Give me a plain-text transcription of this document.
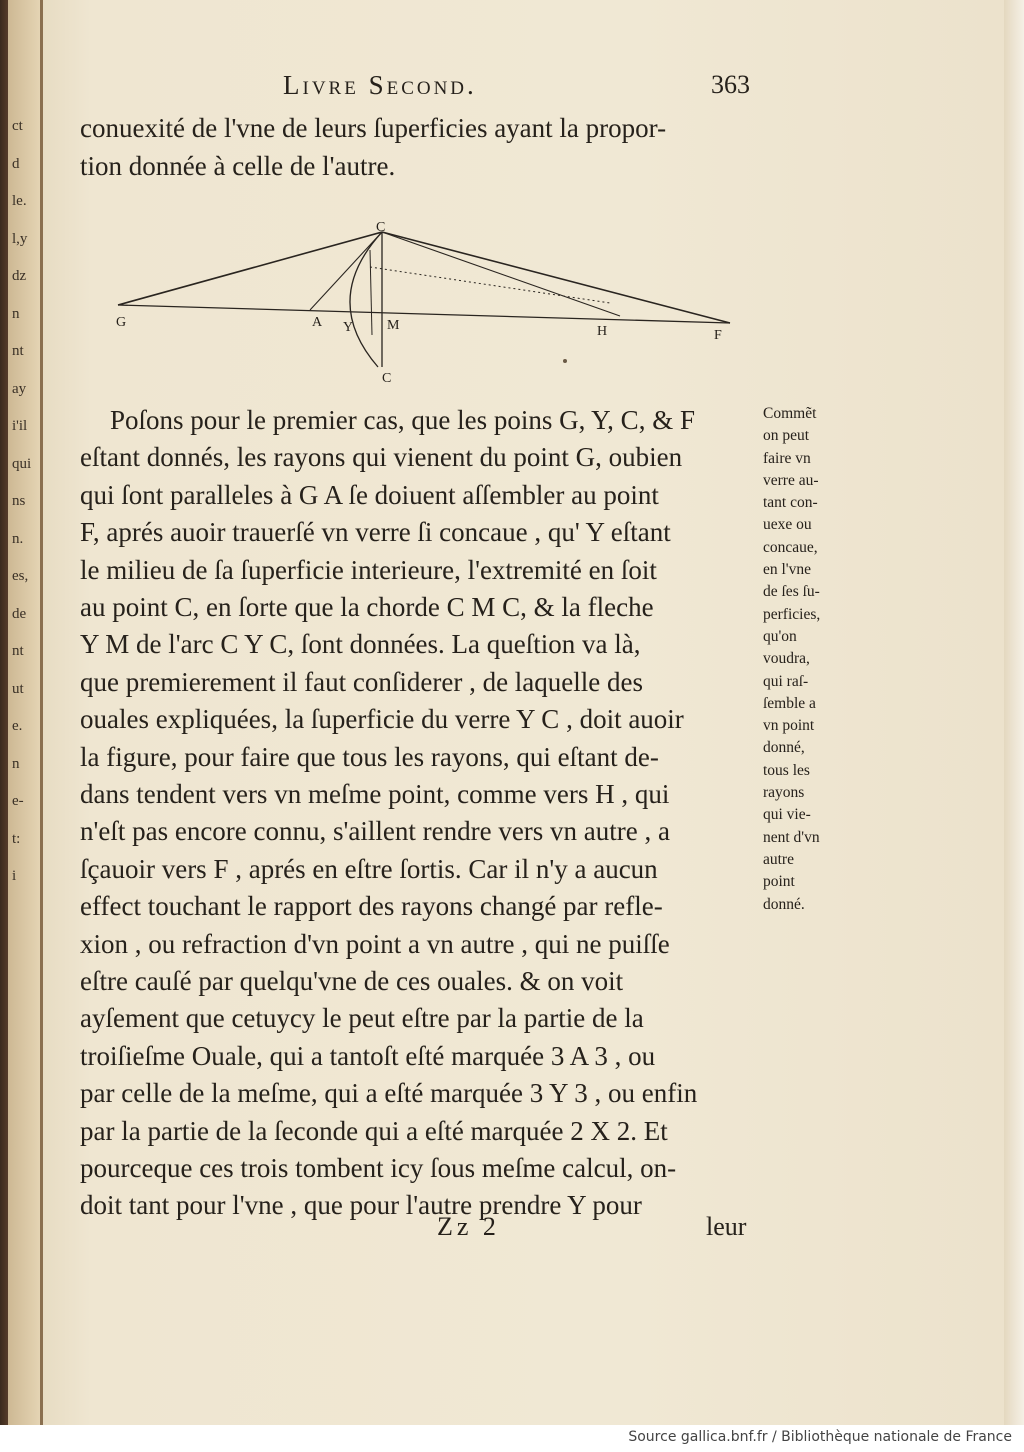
ct
d
le.
l,y
dz
n
nt
ay
i'il
qui
ns
n.
es,
de
nt
ut
e.
n
e-
t:
i
Livre Second.	363
conuexité de l'vne de leurs ſuperficies ayant la propor-
tion donnée à celle de l'autre.
C
C
G	A Y M	H	F
Poſons pour le premier cas, que les poins G, Y, C, & F
eſtant donnés, les rayons qui vienent du point G, oubien
qui ſont paralleles à G A ſe doiuent aſſembler au point
F, aprés auoir trauerſé vn verre ſi concaue , qu' Y eſtant
le milieu de ſa ſuperficie interieure, l'extremité en ſoit
au point C, en ſorte que la chorde C M C, & la fleche
Y M de l'arc C Y C, ſont données. La queſtion va là,
que premierement il faut conſiderer , de laquelle des
ouales expliquées, la ſuperficie du verre Y C , doit auoir
la figure, pour faire que tous les rayons, qui eſtant de-
dans tendent vers vn meſme point, comme vers H , qui
n'eſt pas encore connu, s'aillent rendre vers vn autre , a
ſçauoir vers F , aprés en eſtre ſortis. Car il n'y a aucun
effect touchant le rapport des rayons changé par refle-
xion , ou refraction d'vn point a vn autre , qui ne puiſſe
eſtre cauſé par quelqu'vne de ces ouales. & on voit
ayſement que cetuycy le peut eſtre par la partie de la
troiſieſme Ouale, qui a tantoſt eſté marquée 3 A 3 , ou
par celle de la meſme, qui a eſté marquée 3 Y 3 , ou enfin
par la partie de la ſeconde qui a eſté marquée 2 X 2. Et
pourceque ces trois tombent icy ſous meſme calcul, on-
doit tant pour l'vne , que pour l'autre prendre Y pour
Commẽt
on peut
faire vn
verre au-
tant con-
uexe ou
concaue,
en l'vne
de ſes ſu-
perficies,
qu'on
voudra,
qui raſ-
ſemble a
vn point
donné,
tous les
rayons
qui vie-
nent d'vn
autre
point
donné.
Zz 2	leur
Source gallica.bnf.fr / Bibliothèque nationale de France
